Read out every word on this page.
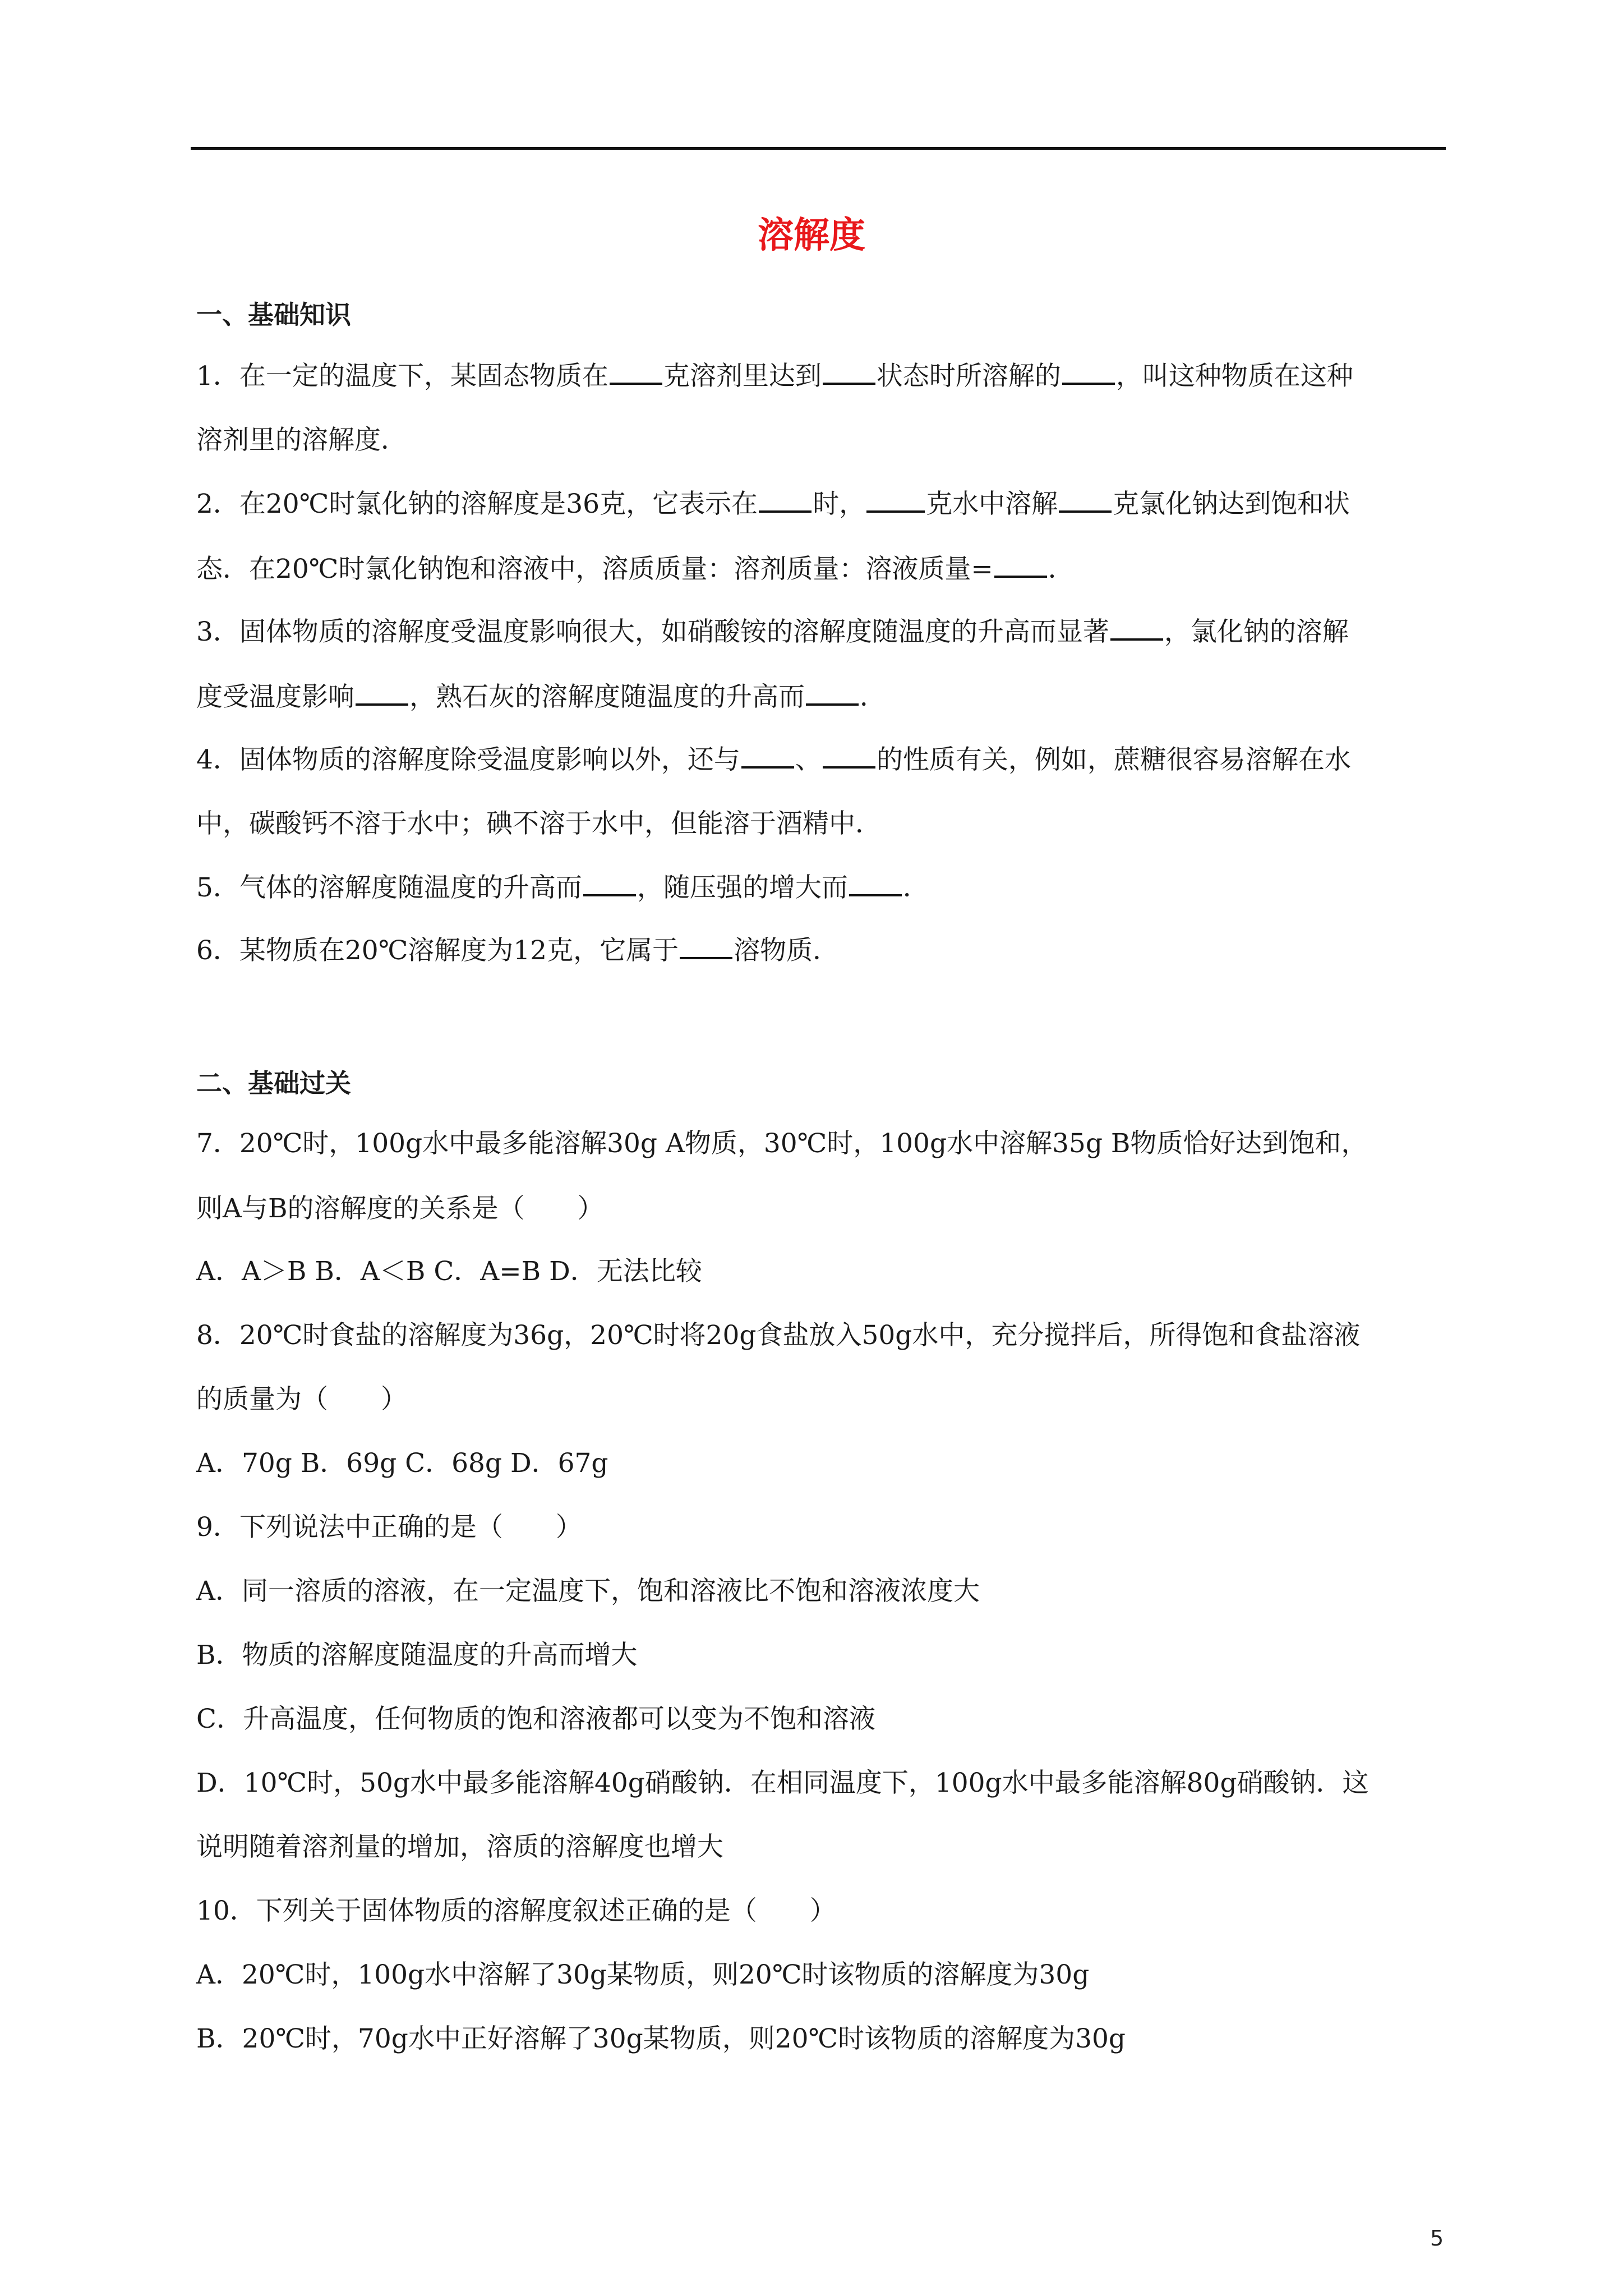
溶解度
一、基础知识
1．在一定的温度下，某固态物质在 克溶剂里达到 状态时所溶解的 ，叫这种物质在这种
溶剂里的溶解度．
2．在20℃时氯化钠的溶解度是36克，它表示在 时， 克水中溶解 克氯化钠达到饱和状
态．在20℃时氯化钠饱和溶液中，溶质质量：溶剂质量：溶液质量= ．
3．固体物质的溶解度受温度影响很大，如硝酸铵的溶解度随温度的升高而显著 ，氯化钠的溶解
度受温度影响 ，熟石灰的溶解度随温度的升高而 ．
4．固体物质的溶解度除受温度影响以外，还与 、 的性质有关，例如，蔗糖很容易溶解在水
中，碳酸钙不溶于水中；碘不溶于水中，但能溶于酒精中．
5．气体的溶解度随温度的升高而 ，随压强的增大而 ．
6．某物质在20℃溶解度为12克，它属于 溶物质．
二、基础过关
7．20℃时，100g水中最多能溶解30g A物质，30℃时，100g水中溶解35g B物质恰好达到饱和，
则A与B的溶解度的关系是（　　）
A．A＞B B．A＜B C．A=B D．无法比较
8．20℃时食盐的溶解度为36g，20℃时将20g食盐放入50g水中，充分搅拌后，所得饱和食盐溶液
的质量为（　　）
A．70g B．69g C．68g D．67g
9．下列说法中正确的是（　　）
A．同一溶质的溶液，在一定温度下，饱和溶液比不饱和溶液浓度大
B．物质的溶解度随温度的升高而增大
C．升高温度，任何物质的饱和溶液都可以变为不饱和溶液
D．10℃时，50g水中最多能溶解40g硝酸钠．在相同温度下，100g水中最多能溶解80g硝酸钠．这
说明随着溶剂量的增加，溶质的溶解度也增大
10．下列关于固体物质的溶解度叙述正确的是（　　）
A．20℃时，100g水中溶解了30g某物质，则20℃时该物质的溶解度为30g
B．20℃时，70g水中正好溶解了30g某物质，则20℃时该物质的溶解度为30g
5
